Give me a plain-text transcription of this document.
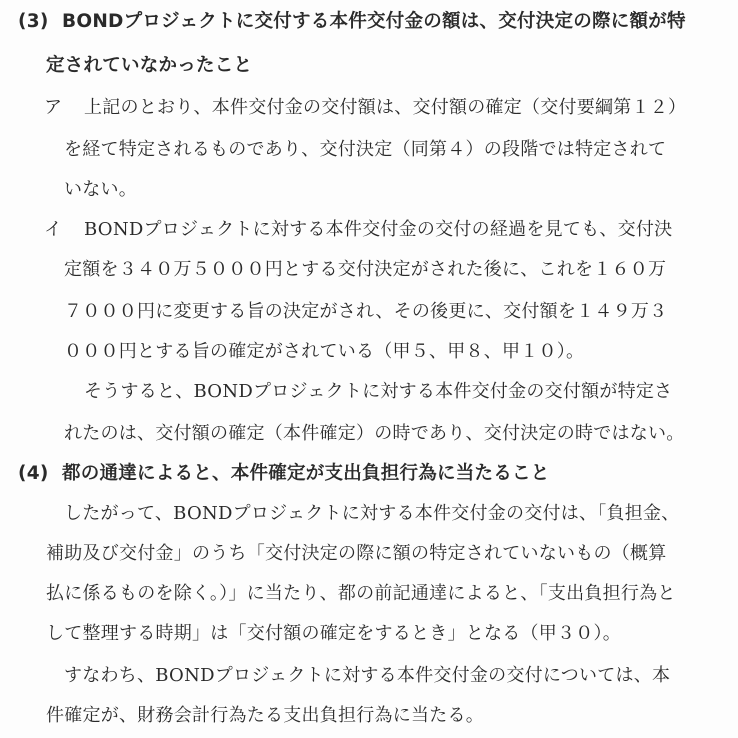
(3) BONDプロジェクトに交付する本件交付金の額は、交付決定の際に額が特
定されていなかったこと
ア 上記のとおり、本件交付金の交付額は、交付額の確定（交付要綱第１２）
を経て特定されるものであり、交付決定（同第４）の段階では特定されて
いない。
イ BONDプロジェクトに対する本件交付金の交付の経過を見ても、交付決
定額を３４０万５０００円とする交付決定がされた後に、これを１６０万
７０００円に変更する旨の決定がされ、その後更に、交付額を１４９万３
０００円とする旨の確定がされている（甲５、甲８、甲１０）。
そうすると、BONDプロジェクトに対する本件交付金の交付額が特定さ
れたのは、交付額の確定（本件確定）の時であり、交付決定の時ではない。
(4) 都の通達によると、本件確定が支出負担行為に当たること
したがって、BONDプロジェクトに対する本件交付金の交付は、「負担金、
補助及び交付金」のうち「交付決定の際に額の特定されていないもの（概算
払に係るものを除く。）」に当たり、都の前記通達によると、「支出負担行為と
して整理する時期」は「交付額の確定をするとき」となる（甲３０）。
すなわち、BONDプロジェクトに対する本件交付金の交付については、本
件確定が、財務会計行為たる支出負担行為に当たる。
